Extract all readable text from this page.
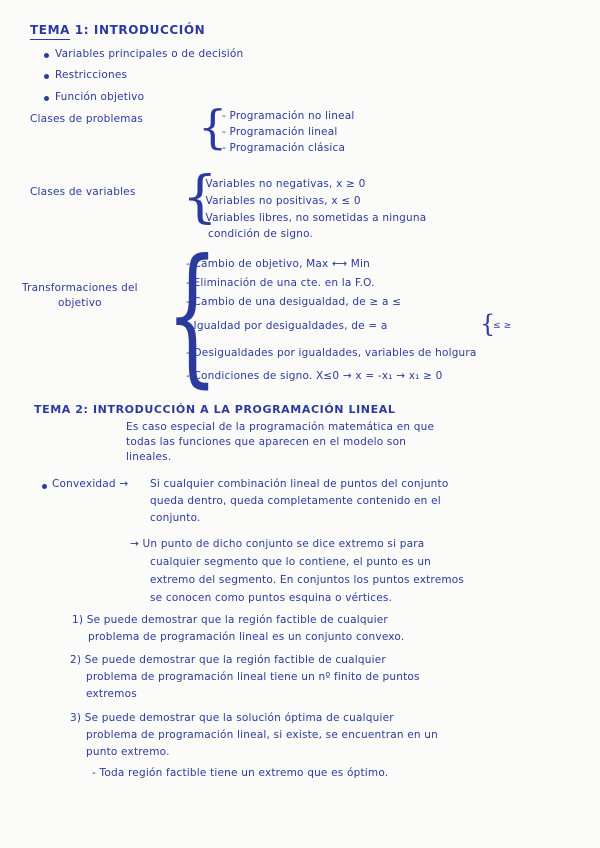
TEMA 1: INTRODUCCIÓN
Variables principales o de decisión
Restricciones
Función objetivo
Clases de problemas {
- Programación no lineal
- Programación lineal
- Programación clásica
Clases de variables {
- Variables no negativas, x ≥ 0
- Variables no positivas, x ≤ 0
- Variables libres, no sometidas a ninguna
condición de signo.
Transformaciones del
objetivo {
- Cambio de objetivo, Max ⟷ Min
- Eliminación de una cte. en la F.O.
- Cambio de una desigualdad, de ≥ a ≤
- Igualdad por desigualdades, de = a	{
≤ ≥
- Desigualdades por igualdades, variables de holgura
- Condiciones de signo. X≤0 → x = -x₁ → x₁ ≥ 0
TEMA 2: INTRODUCCIÓN A LA PROGRAMACIÓN LINEAL
Es caso especial de la programación matemática en que
todas las funciones que aparecen en el modelo son
lineales.
Convexidad → Si cualquier combinación lineal de puntos del conjunto
queda dentro, queda completamente contenido en el
conjunto.
→ Un punto de dicho conjunto se dice extremo si para
cualquier segmento que lo contiene, el punto es un
extremo del segmento. En conjuntos los puntos extremos
se conocen como puntos esquina o vértices.
1) Se puede demostrar que la región factible de cualquier
problema de programación lineal es un conjunto convexo.
2) Se puede demostrar que la región factible de cualquier
problema de programación lineal tiene un nº finito de puntos
extremos
3) Se puede demostrar que la solución óptima de cualquier
problema de programación lineal, si existe, se encuentran en un
punto extremo.
- Toda región factible tiene un extremo que es óptimo.
